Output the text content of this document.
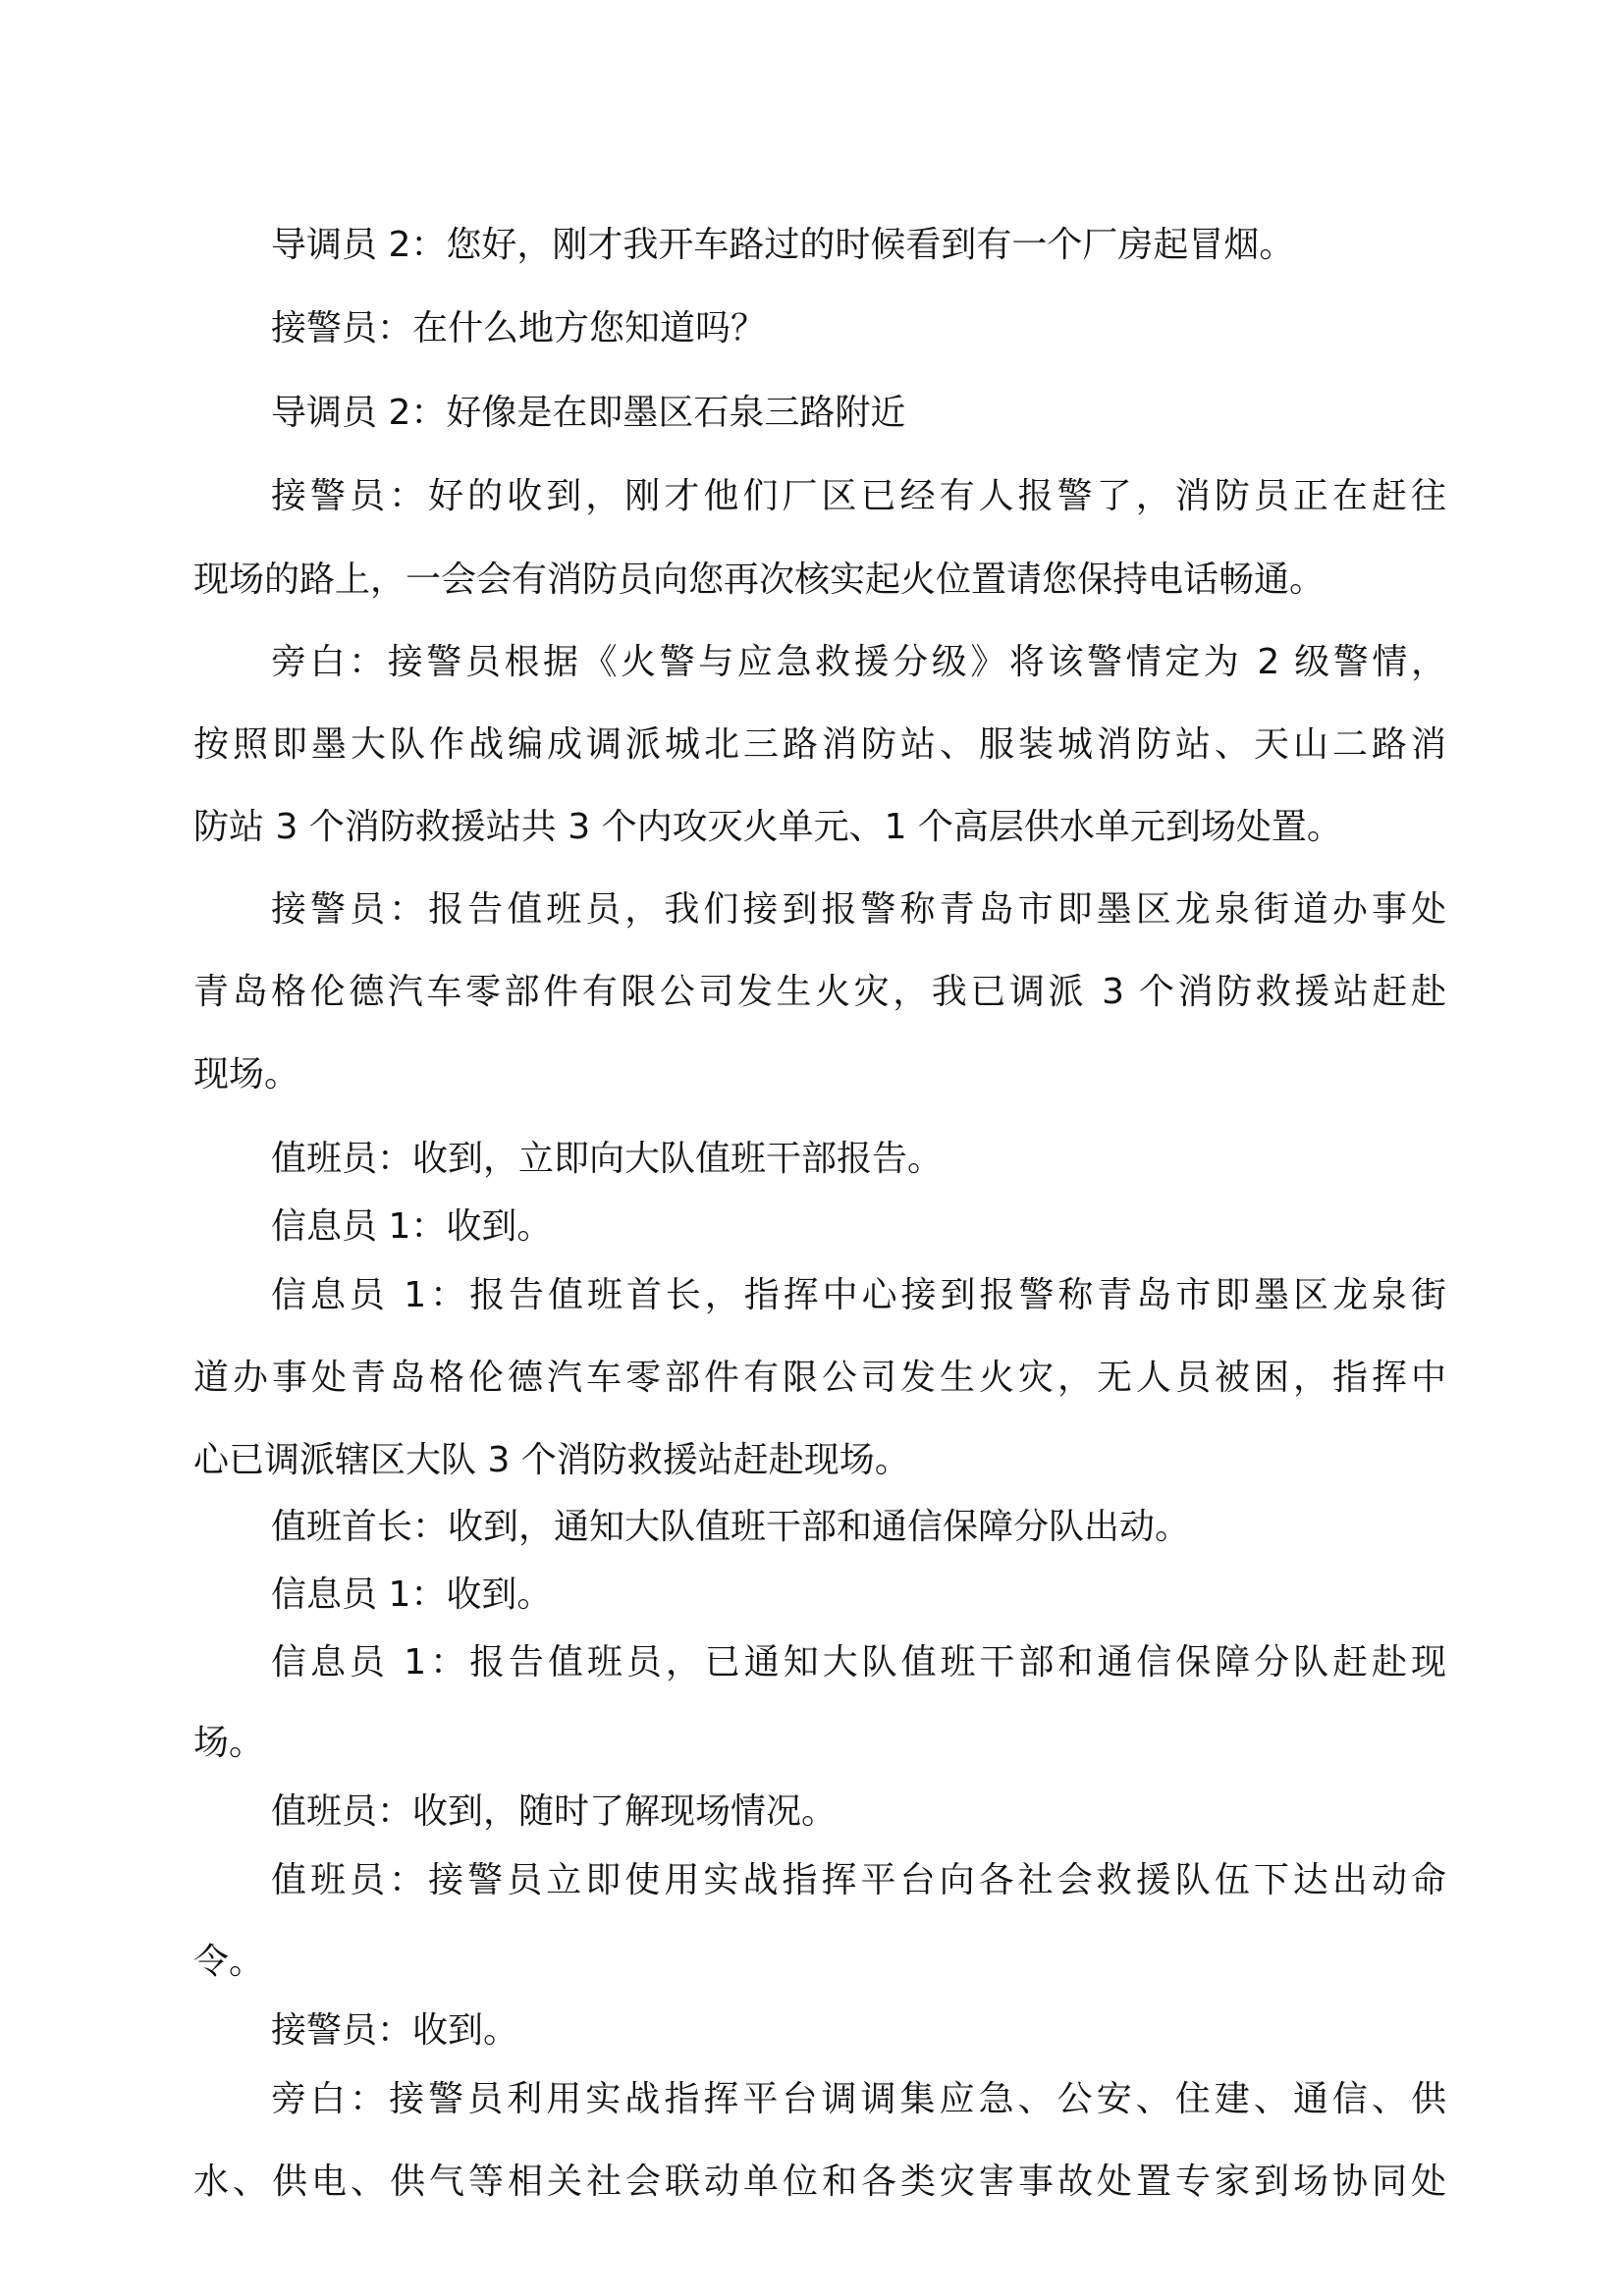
导调员 2：您好，刚才我开车路过的时候看到有一个厂房起冒烟。
接警员：在什么地方您知道吗？
导调员 2：好像是在即墨区石泉三路附近
接警员：好的收到，刚才他们厂区已经有人报警了，消防员正在赶往
现场的路上，一会会有消防员向您再次核实起火位置请您保持电话畅通。
旁白：接警员根据《火警与应急救援分级》将该警情定为 2 级警情，
按照即墨大队作战编成调派城北三路消防站、服装城消防站、天山二路消
防站 3 个消防救援站共 3 个内攻灭火单元、1 个高层供水单元到场处置。
接警员：报告值班员，我们接到报警称青岛市即墨区龙泉街道办事处
青岛格伦德汽车零部件有限公司发生火灾，我已调派 3 个消防救援站赶赴
现场。
值班员：收到，立即向大队值班干部报告。
信息员 1：收到。
信息员 1：报告值班首长，指挥中心接到报警称青岛市即墨区龙泉街
道办事处青岛格伦德汽车零部件有限公司发生火灾，无人员被困，指挥中
心已调派辖区大队 3 个消防救援站赶赴现场。
值班首长：收到，通知大队值班干部和通信保障分队出动。
信息员 1：收到。
信息员 1：报告值班员，已通知大队值班干部和通信保障分队赶赴现
场。
值班员：收到，随时了解现场情况。
值班员：接警员立即使用实战指挥平台向各社会救援队伍下达出动命
令。
接警员：收到。
旁白：接警员利用实战指挥平台调调集应急、公安、住建、通信、供
水、供电、供气等相关社会联动单位和各类灾害事故处置专家到场协同处
